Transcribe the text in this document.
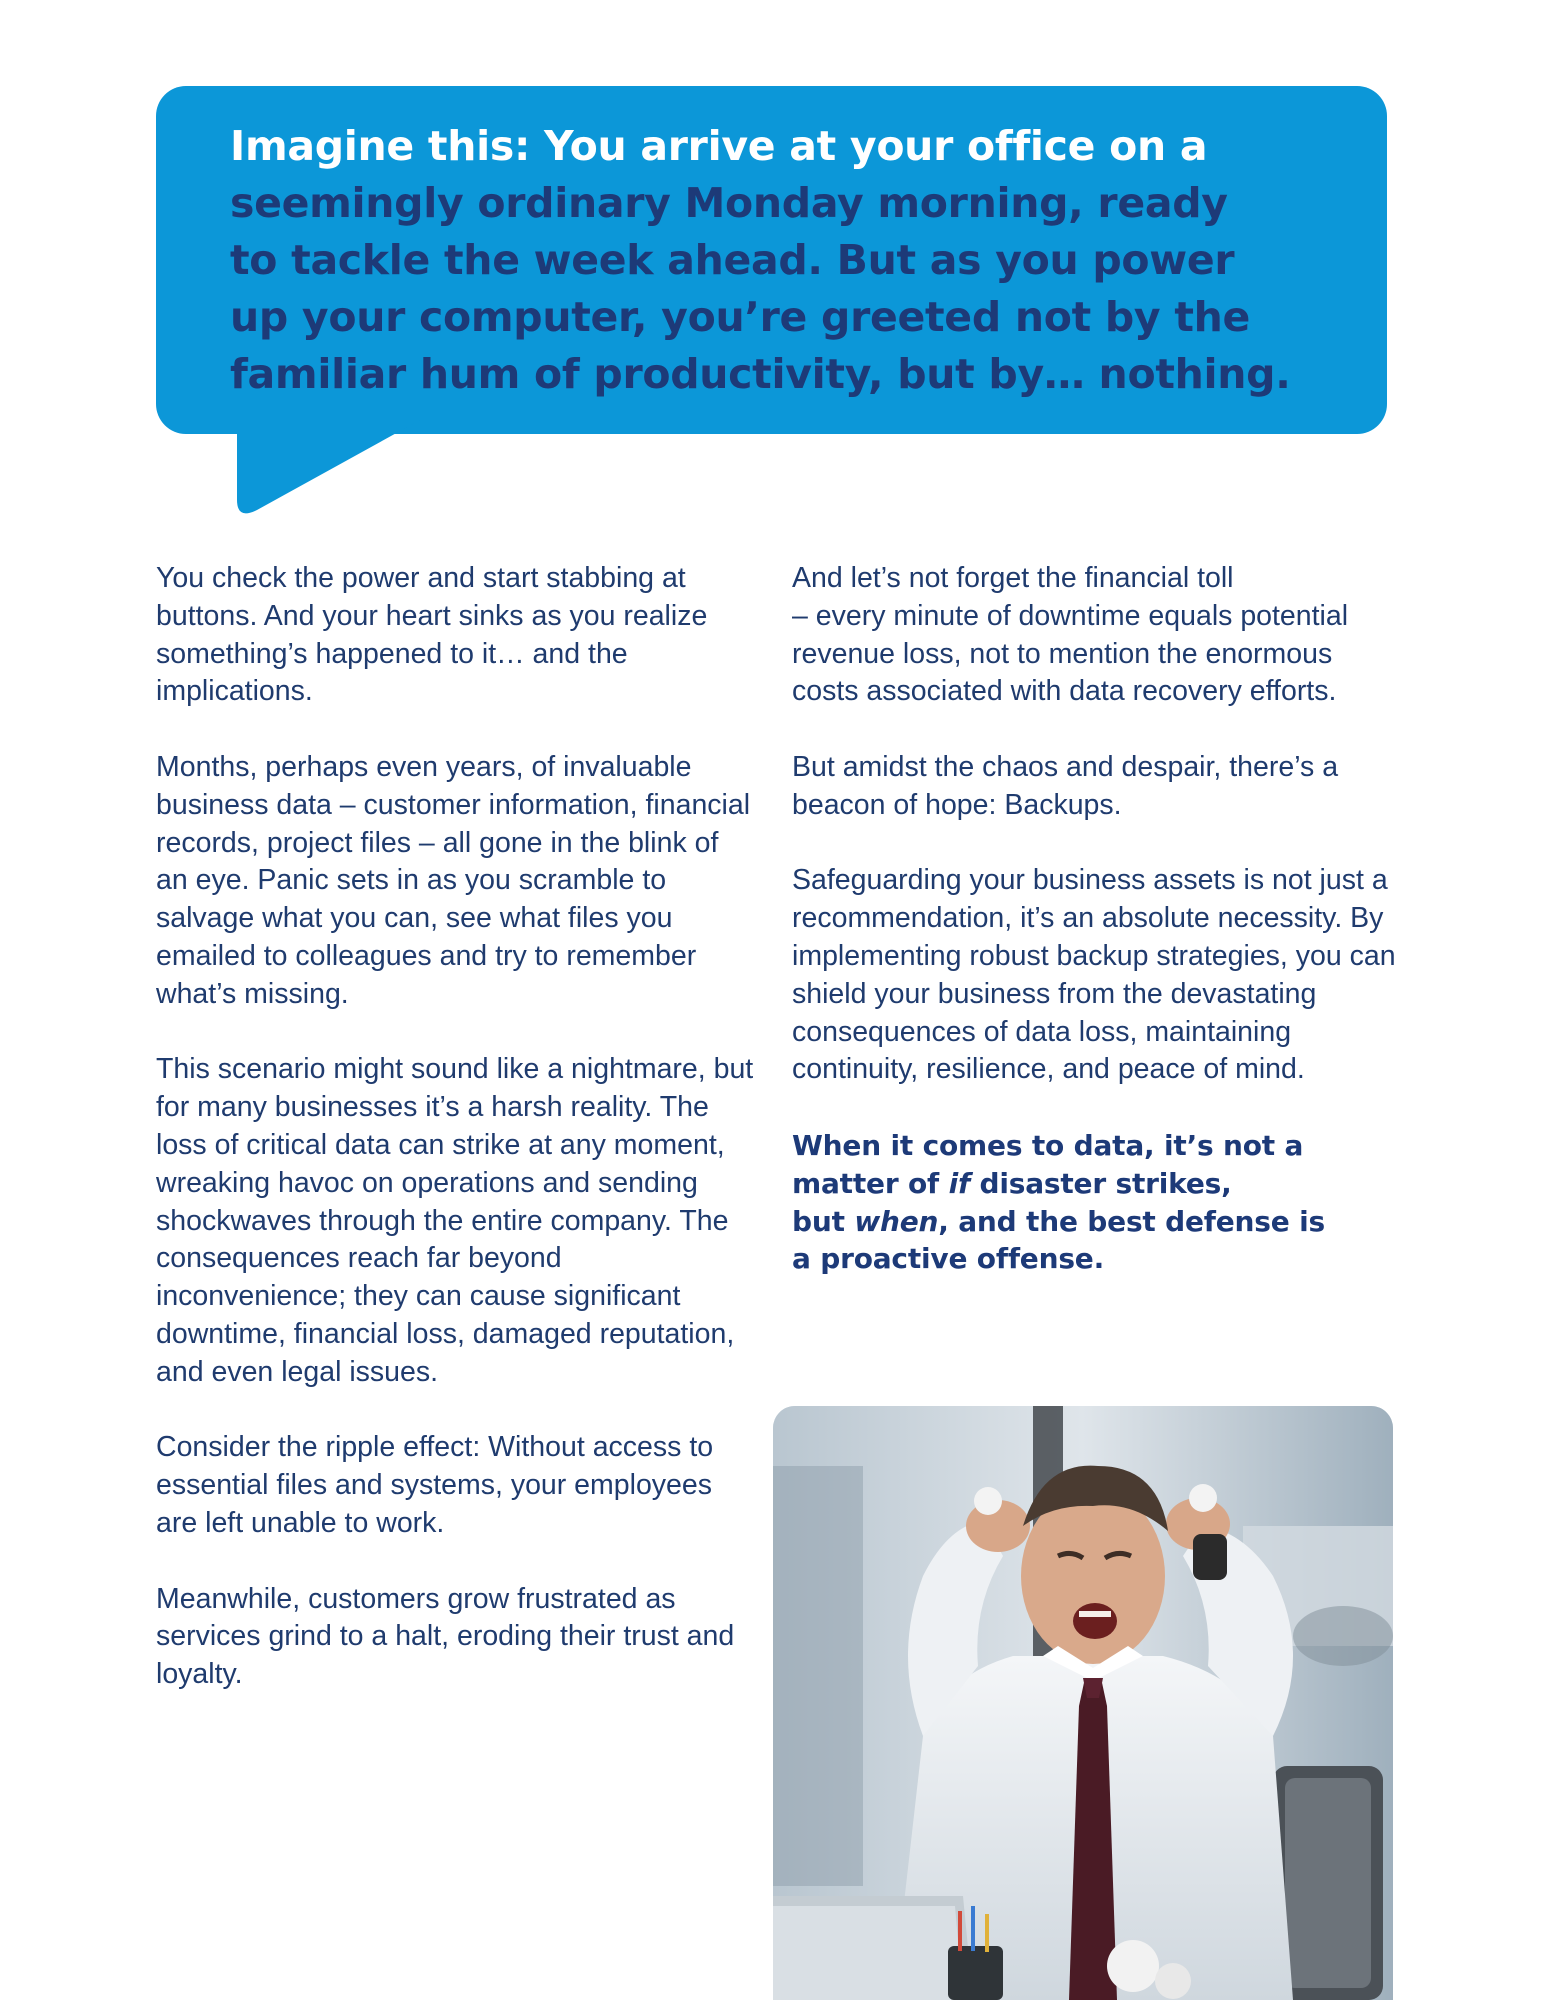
Imagine this: You arrive at your office on a
seemingly ordinary Monday morning, ready
to tackle the week ahead. But as you power
up your computer, you’re greeted not by the
familiar hum of productivity, but by… nothing.

You check the power and start stabbing at buttons. And your heart sinks as you realize something’s happened to it… and the implications.

Months, perhaps even years, of invaluable business data – customer information, financial records, project files – all gone in the blink of an eye. Panic sets in as you scramble to salvage what you can, see what files you emailed to colleagues and try to remember what’s missing.

This scenario might sound like a nightmare, but for many businesses it’s a harsh reality. The loss of critical data can strike at any moment, wreaking havoc on operations and sending shockwaves through the entire company. The consequences reach far beyond inconvenience; they can cause significant downtime, financial loss, damaged reputation, and even legal issues.

Consider the ripple effect: Without access to essential files and systems, your employees are left unable to work.

Meanwhile, customers grow frustrated as services grind to a halt, eroding their trust and loyalty.

And let’s not forget the financial toll
– every minute of downtime equals potential revenue loss, not to mention the enormous costs associated with data recovery efforts.

But amidst the chaos and despair, there’s a beacon of hope: Backups.

Safeguarding your business assets is not just a recommendation, it’s an absolute necessity. By implementing robust backup strategies, you can shield your business from the devastating consequences of data loss, maintaining continuity, resilience, and peace of mind.

When it comes to data, it’s not a matter of if disaster strikes,
but when, and the best defense is
a proactive offense.
